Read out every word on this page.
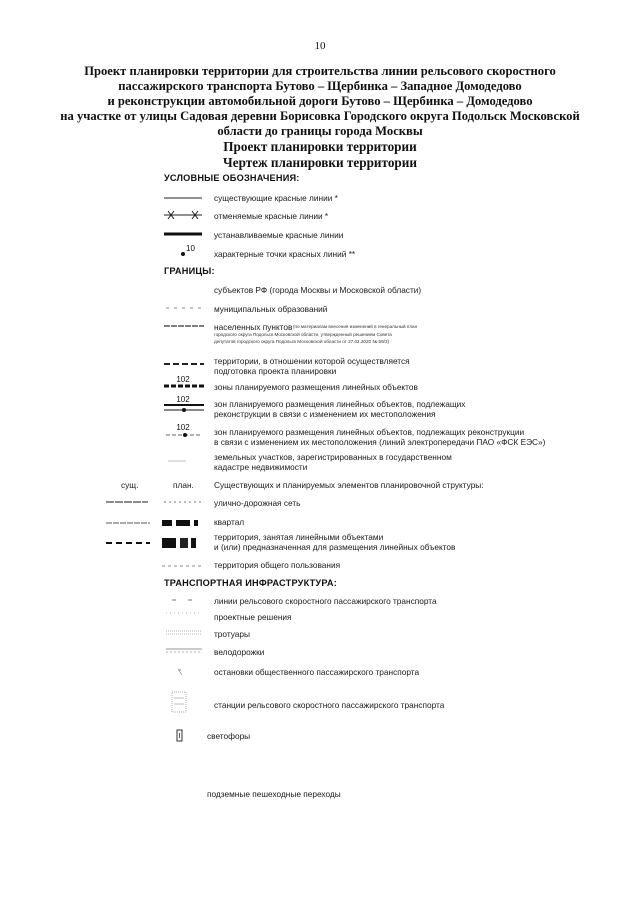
10
Проект планировки территории для строительства линии рельсового скоростного
пассажирского транспорта Бутово – Щербинка – Западное Домодедово
и реконструкции автомобильной дороги Бутово – Щербинка – Домодедово
на участке от улицы Садовая деревни Борисовка Городского округа Подольск Московской
области до границы города Москвы
Проект планировки территории
Чертеж планировки территории
УСЛОВНЫЕ ОБОЗНАЧЕНИЯ:
существующие красные линии *
отменяемые красные линии *
устанавливаемые красные линии
10
характерные точки красных линий **
ГРАНИЦЫ:
субъектов РФ (города Москвы и Московской области)
муниципальных образований
населенных пунктов (по материалам внесения изменений в генеральный план
городского округа Подольск Московской области, утвержденный решением Совета
депутатов городского округа Подольск Московской области от 27.02.2020 № 59/3)
территории, в отношении которой осуществляется
подготовка проекта планировки
102
зоны планируемого размещения линейных объектов
102	зон планируемого размещения линейных объектов, подлежащих
реконструкции в связи с изменением их местоположения
102	зон планируемого размещения линейных объектов, подлежащих реконструкции
в связи с изменением их местоположения (линий электропередачи ПАО «ФСК ЕЭС»)
земельных участков, зарегистрированных в государственном
кадастре недвижимости
сущ.	план. Существующих и планируемых элементов планировочной структуры:
улично-дорожная сеть
квартал
территория, занятая линейными объектами
и (или) предназначенная для размещения линейных объектов
территория общего пользования
ТРАНСПОРТНАЯ ИНФРАСТРУКТУРА:
линии рельсового скоростного пассажирского транспорта
проектные решения
тротуары
велодорожки
остановки общественного пассажирского транспорта
станции рельсового скоростного пассажирского транспорта
светофоры
подземные пешеходные переходы
